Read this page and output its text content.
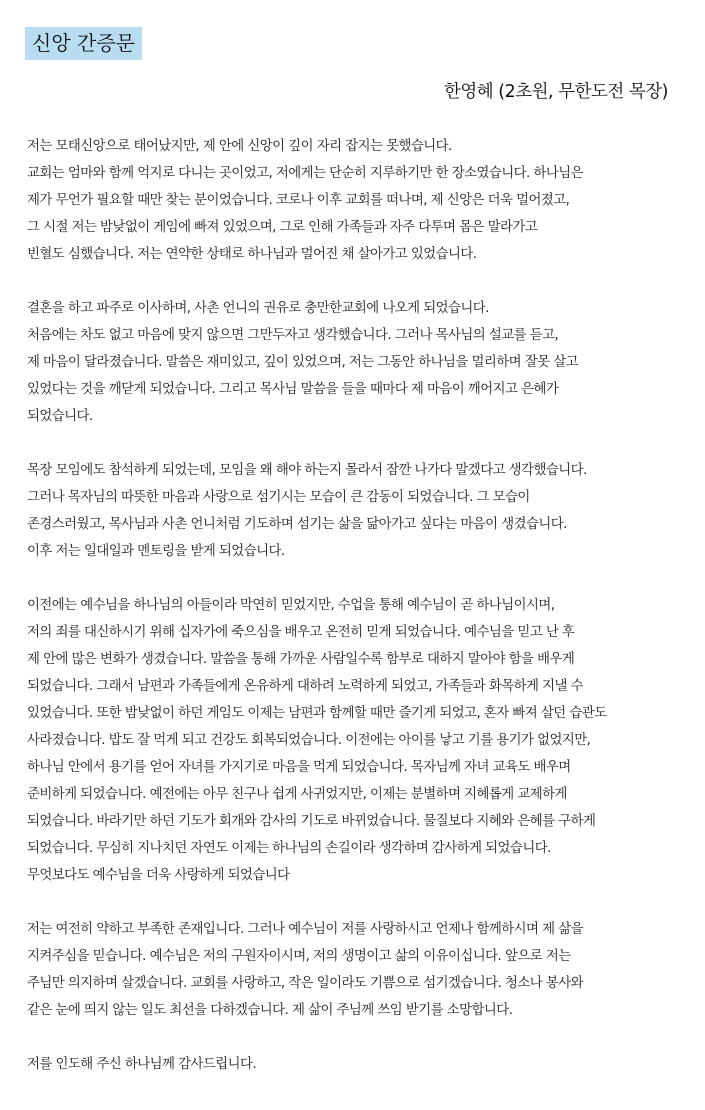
신앙 간증문
한영혜 (2초원, 무한도전 목장)
저는 모태신앙으로 태어났지만, 제 안에 신앙이 깊이 자리 잡지는 못했습니다.
교회는 엄마와 함께 억지로 다니는 곳이었고, 저에게는 단순히 지루하기만 한 장소였습니다. 하나님은
제가 무언가 필요할 때만 찾는 분이었습니다. 코로나 이후 교회를 떠나며, 제 신앙은 더욱 멀어졌고,
그 시절 저는 밤낮없이 게임에 빠져 있었으며, 그로 인해 가족들과 자주 다투며 몸은 말라가고
빈혈도 심했습니다. 저는 연약한 상태로 하나님과 멀어진 채 살아가고 있었습니다.
결혼을 하고 파주로 이사하며, 사촌 언니의 권유로 충만한교회에 나오게 되었습니다.
처음에는 차도 없고 마음에 맞지 않으면 그만두자고 생각했습니다. 그러나 목사님의 설교를 듣고,
제 마음이 달라졌습니다. 말씀은 재미있고, 깊이 있었으며, 저는 그동안 하나님을 멀리하며 잘못 살고
있었다는 것을 깨닫게 되었습니다. 그리고 목사님 말씀을 들을 때마다 제 마음이 깨어지고 은혜가
되었습니다.
목장 모임에도 참석하게 되었는데, 모임을 왜 해야 하는지 몰라서 잠깐 나가다 말겠다고 생각했습니다.
그러나 목자님의 따뜻한 마음과 사랑으로 섬기시는 모습이 큰 감동이 되었습니다. 그 모습이
존경스러웠고, 목사님과 사촌 언니처럼 기도하며 섬기는 삶을 닮아가고 싶다는 마음이 생겼습니다.
이후 저는 일대일과 멘토링을 받게 되었습니다.
이전에는 예수님을 하나님의 아들이라 막연히 믿었지만, 수업을 통해 예수님이 곧 하나님이시며,
저의 죄를 대신하시기 위해 십자가에 죽으심을 배우고 온전히 믿게 되었습니다. 예수님을 믿고 난 후
제 안에 많은 변화가 생겼습니다. 말씀을 통해 가까운 사람일수록 함부로 대하지 말아야 함을 배우게
되었습니다. 그래서 남편과 가족들에게 온유하게 대하려 노력하게 되었고, 가족들과 화목하게 지낼 수
있었습니다. 또한 밤낮없이 하던 게임도 이제는 남편과 함께할 때만 즐기게 되었고, 혼자 빠져 살던 습관도
사라졌습니다. 밥도 잘 먹게 되고 건강도 회복되었습니다. 이전에는 아이를 낳고 기를 용기가 없었지만,
하나님 안에서 용기를 얻어 자녀를 가지기로 마음을 먹게 되었습니다. 목자님께 자녀 교육도 배우며
준비하게 되었습니다. 예전에는 아무 친구나 쉽게 사귀었지만, 이제는 분별하며 지혜롭게 교제하게
되었습니다. 바라기만 하던 기도가 회개와 감사의 기도로 바뀌었습니다. 물질보다 지혜와 은혜를 구하게
되었습니다. 무심히 지나치던 자연도 이제는 하나님의 손길이라 생각하며 감사하게 되었습니다.
무엇보다도 예수님을 더욱 사랑하게 되었습니다
저는 여전히 약하고 부족한 존재입니다. 그러나 예수님이 저를 사랑하시고 언제나 함께하시며 제 삶을
지켜주심을 믿습니다. 예수님은 저의 구원자이시며, 저의 생명이고 삶의 이유이십니다. 앞으로 저는
주님만 의지하며 살겠습니다. 교회를 사랑하고, 작은 일이라도 기쁨으로 섬기겠습니다. 청소나 봉사와
같은 눈에 띄지 않는 일도 최선을 다하겠습니다. 제 삶이 주님께 쓰임 받기를 소망합니다.
저를 인도해 주신 하나님께 감사드립니다.
